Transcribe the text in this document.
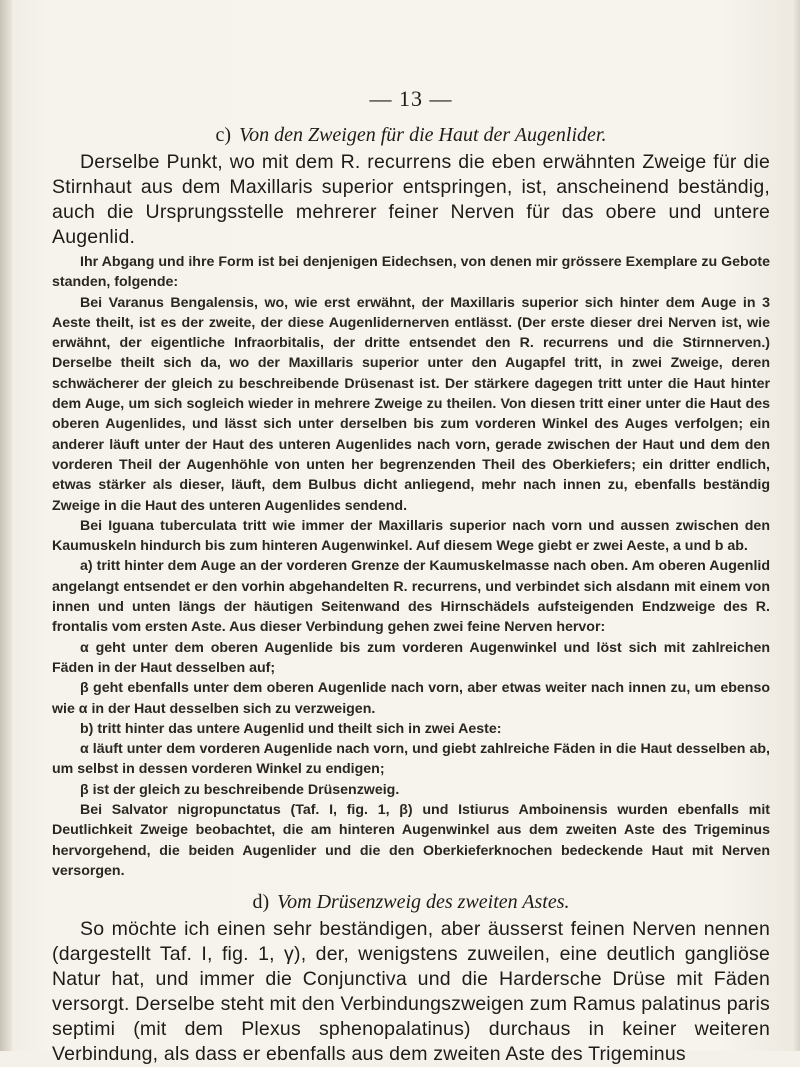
— 13 —
c) Von den Zweigen für die Haut der Augenlider.

Derselbe Punkt, wo mit dem R. recurrens die eben erwähnten Zweige für die Stirnhaut aus dem Maxillaris superior entspringen, ist, anscheinend beständig, auch die Ursprungsstelle mehrerer feiner Nerven für das obere und untere Augenlid.

Ihr Abgang und ihre Form ist bei denjenigen Eidechsen, von denen mir grössere Exemplare zu Gebote standen, folgende:

Bei Varanus Bengalensis, wo, wie erst erwähnt, der Maxillaris superior sich hinter dem Auge in 3 Aeste theilt, ist es der zweite, der diese Augenlidernerven entlässt. (Der erste dieser drei Nerven ist, wie erwähnt, der eigentliche Infraorbitalis, der dritte entsendet den R. recurrens und die Stirnnerven.) Derselbe theilt sich da, wo der Maxillaris superior unter den Augapfel tritt, in zwei Zweige, deren schwächerer der gleich zu beschreibende Drüsenast ist. Der stärkere dagegen tritt unter die Haut hinter dem Auge, um sich sogleich wieder in mehrere Zweige zu theilen. Von diesen tritt einer unter die Haut des oberen Augenlides, und lässt sich unter derselben bis zum vorderen Winkel des Auges verfolgen; ein anderer läuft unter der Haut des unteren Augenlides nach vorn, gerade zwischen der Haut und dem den vorderen Theil der Augenhöhle von unten her begrenzenden Theil des Oberkiefers; ein dritter endlich, etwas stärker als dieser, läuft, dem Bulbus dicht anliegend, mehr nach innen zu, ebenfalls beständig Zweige in die Haut des unteren Augenlides sendend.

Bei Iguana tuberculata tritt wie immer der Maxillaris superior nach vorn und aussen zwischen den Kaumuskeln hindurch bis zum hinteren Augenwinkel. Auf diesem Wege giebt er zwei Aeste, a und b ab.

a) tritt hinter dem Auge an der vorderen Grenze der Kaumuskelmasse nach oben. Am oberen Augenlid angelangt entsendet er den vorhin abgehandelten R. recurrens, und verbindet sich alsdann mit einem von innen und unten längs der häutigen Seitenwand des Hirnschädels aufsteigenden Endzweige des R. frontalis vom ersten Aste. Aus dieser Verbindung gehen zwei feine Nerven hervor:

α geht unter dem oberen Augenlide bis zum vorderen Augenwinkel und löst sich mit zahlreichen Fäden in der Haut desselben auf;

β geht ebenfalls unter dem oberen Augenlide nach vorn, aber etwas weiter nach innen zu, um ebenso wie α in der Haut desselben sich zu verzweigen.

b) tritt hinter das untere Augenlid und theilt sich in zwei Aeste:

α läuft unter dem vorderen Augenlide nach vorn, und giebt zahlreiche Fäden in die Haut desselben ab, um selbst in dessen vorderen Winkel zu endigen;

β ist der gleich zu beschreibende Drüsenzweig.

Bei Salvator nigropunctatus (Taf. I, fig. 1, β) und Istiurus Amboinensis wurden ebenfalls mit Deutlichkeit Zweige beobachtet, die am hinteren Augenwinkel aus dem zweiten Aste des Trigeminus hervorgehend, die beiden Augenlider und die den Oberkieferknochen bedeckende Haut mit Nerven versorgen.

d) Vom Drüsenzweig des zweiten Astes.

So möchte ich einen sehr beständigen, aber äusserst feinen Nerven nennen (dargestellt Taf. I, fig. 1, γ), der, wenigstens zuweilen, eine deutlich gangliöse Natur hat, und immer die Conjunctiva und die Hardersche Drüse mit Fäden versorgt. Derselbe steht mit den Verbindungszweigen zum Ramus palatinus paris septimi (mit dem Plexus sphenopalatinus) durchaus in keiner weiteren Verbindung, als dass er ebenfalls aus dem zweiten Aste des Trigeminus
